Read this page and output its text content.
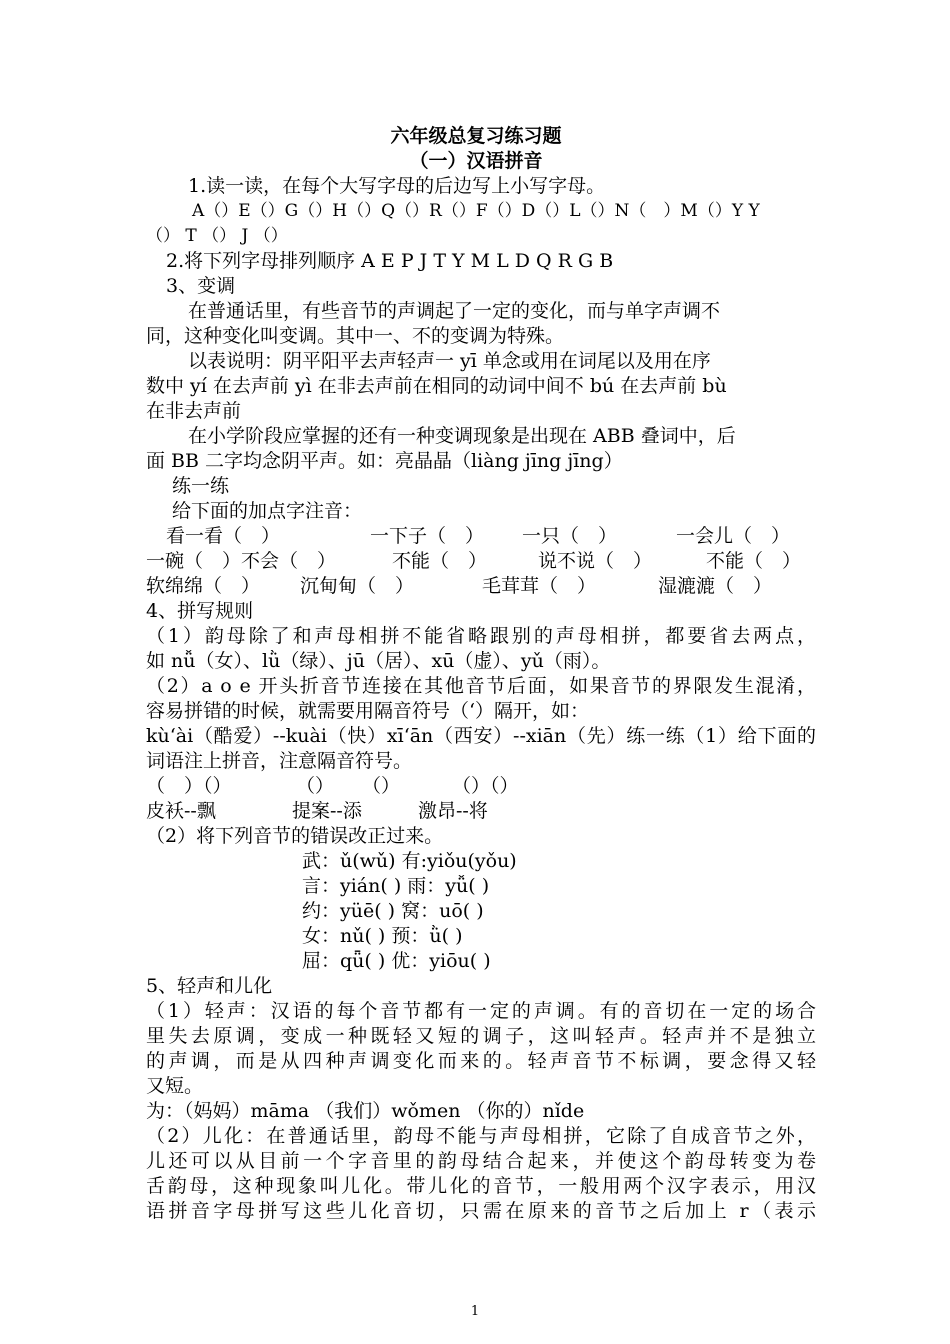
六年级总复习练习题
（一）汉语拼音
1.读一读，在每个大写字母的后边写上小写字母。
A（）E（）G（）H（）Q（）R（）F（）D（）L（）N（　）M（）Y Y
（） T （） J （）
2.将下列字母排列顺序 A E P J T Y M L D Q R G B
3、变调
在普通话里，有些音节的声调起了一定的变化，而与单字声调不
同，这种变化叫变调。其中一、不的变调为特殊。
以表说明：阴平阳平去声轻声一 yī 单念或用在词尾以及用在序
数中 yí 在去声前 yì 在非去声前在相同的动词中间不 bú 在去声前 bù
在非去声前
在小学阶段应掌握的还有一种变调现象是出现在 ABB 叠词中，后
面 BB 二字均念阴平声。如：亮晶晶（liàng jīng jīng）
练一练
给下面的加点字注音：
看一看（　）	一下子（　） 一只（　）	一会儿（　）
一碗（　）不会（　）	不能（　）	说不说（　）	不能（　）
软绵绵（　） 沉甸甸（　）	毛茸茸（　）	湿漉漉（　）
4、拼写规则
（1）韵母除了和声母相拼不能省略跟别的声母相拼，都要省去两点，
如 nǚ（女）、lǜ（绿）、jū（居）、xū（虚）、yǔ（雨）。
（2）a o e 开头折音节连接在其他音节后面，如果音节的界限发生混淆，
容易拼错的时候，就需要用隔音符号（‘）隔开，如：
kù‘ài（酷爱）--kuài（快）xī‘ān（西安）--xiān（先）练一练（1）给下面的
词语注上拼音，注意隔音符号。
（　）（）	（） （）	（）（）
皮袄--飘	提案--添	激昂--将
（2）将下列音节的错误改正过来。
武：ǔ(wǔ) 有:yiǒu(yǒu)
言：yián( ) 雨：yǚ( )
约：yüē( ) 窝：uō( )
女：nǔ( ) 预：ǜ( )
屈：qǖ( ) 优：yiōu( )
5、轻声和儿化
（1）轻声：汉语的每个音节都有一定的声调。有的音切在一定的场合
里失去原调，变成一种既轻又短的调子，这叫轻声。轻声并不是独立
的声调，而是从四种声调变化而来的。轻声音节不标调，要念得又轻
又短。
为：（妈妈）māma （我们）wǒmen （你的）nǐde
（2）儿化：在普通话里，韵母不能与声母相拼，它除了自成音节之外，
儿还可以从目前一个字音里的韵母结合起来，并使这个韵母转变为卷
舌韵母，这种现象叫儿化。带儿化的音节，一般用两个汉字表示，用汉
语拼音字母拼写这些儿化音切，只需在原来的音节之后加上 r（表示
1
